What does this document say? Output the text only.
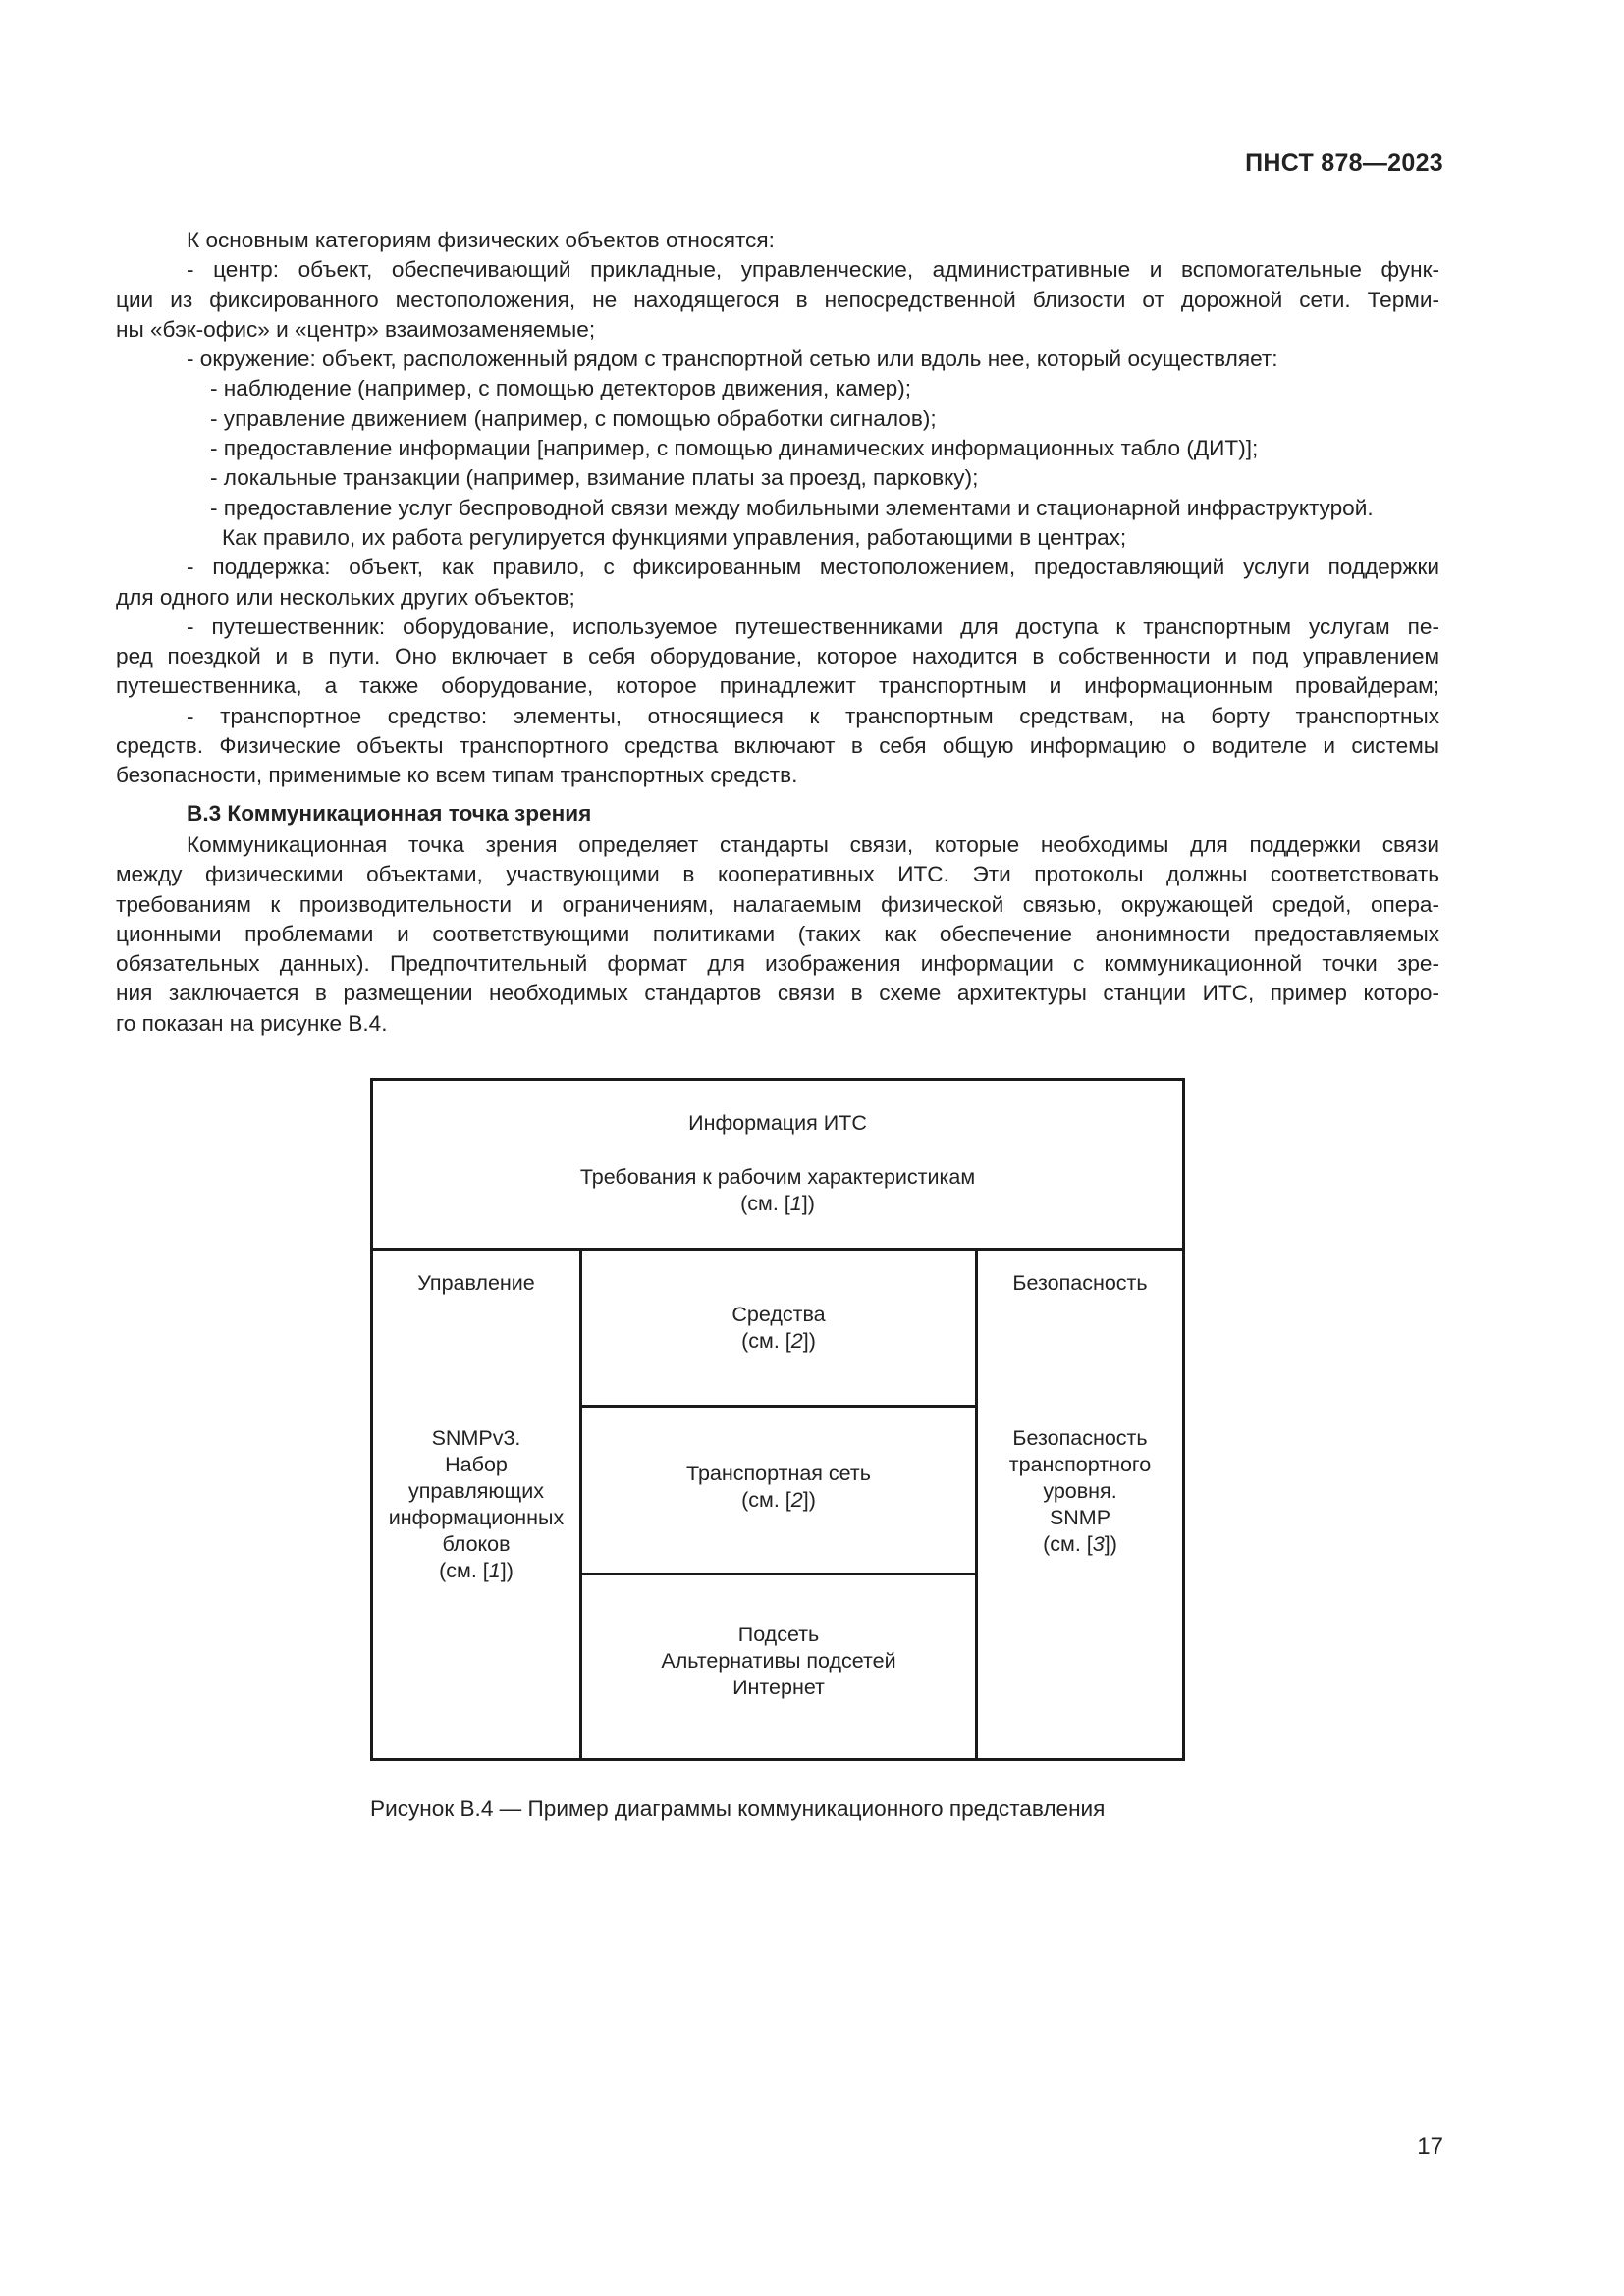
ПНСТ 878—2023

К основным категориям физических объектов относятся:

- центр: объект, обеспечивающий прикладные, управленческие, административные и вспомогательные функ-

ции из фиксированного местоположения, не находящегося в непосредственной близости от дорожной сети. Терми-

ны «бэк-офис» и «центр» взаимозаменяемые;

- окружение: объект, расположенный рядом с транспортной сетью или вдоль нее, который осуществляет:

- наблюдение (например, с помощью детекторов движения, камер);

- управление движением (например, с помощью обработки сигналов);

- предоставление информации [например, с помощью динамических информационных табло (ДИТ)];

- локальные транзакции (например, взимание платы за проезд, парковку);

- предоставление услуг беспроводной связи между мобильными элементами и стационарной инфраструктурой.

Как правило, их работа регулируется функциями управления, работающими в центрах;

- поддержка: объект, как правило, с фиксированным местоположением, предоставляющий услуги поддержки

для одного или нескольких других объектов;

- путешественник: оборудование, используемое путешественниками для доступа к транспортным услугам пе-

ред поездкой и в пути. Оно включает в себя оборудование, которое находится в собственности и под управлением

путешественника, а также оборудование, которое принадлежит транспортным и информационным провайдерам;

- транспортное средство: элементы, относящиеся к транспортным средствам, на борту транспортных

средств. Физические объекты транспортного средства включают в себя общую информацию о водителе и системы

безопасности, применимые ко всем типам транспортных средств.

В.3 Коммуникационная точка зрения

Коммуникационная точка зрения определяет стандарты связи, которые необходимы для поддержки связи

между физическими объектами, участвующими в кооперативных ИТС. Эти протоколы должны соответствовать

требованиям к производительности и ограничениям, налагаемым физической связью, окружающей средой, опера-

ционными проблемами и соответствующими политиками (таких как обеспечение анонимности предоставляемых

обязательных данных). Предпочтительный формат для изображения информации с коммуникационной точки зре-

ния заключается в размещении необходимых стандартов связи в схеме архитектуры станции ИТС, пример которо-

го показан на рисунке В.4.

Информация ИТС
Требования к рабочим характеристикам
(см. [1])
Управление
SNMPv3.
Набор
управляющих
информационных
блоков
(см. [1])
Средства
(см. [2])
Транспортная сеть
(см. [2])
Подсеть
Альтернативы подсетей
Интернет
Безопасность
Безопасность
транспортного
уровня.
SNMP
(см. [3])
Рисунок В.4 — Пример диаграммы коммуникационного представления
17
